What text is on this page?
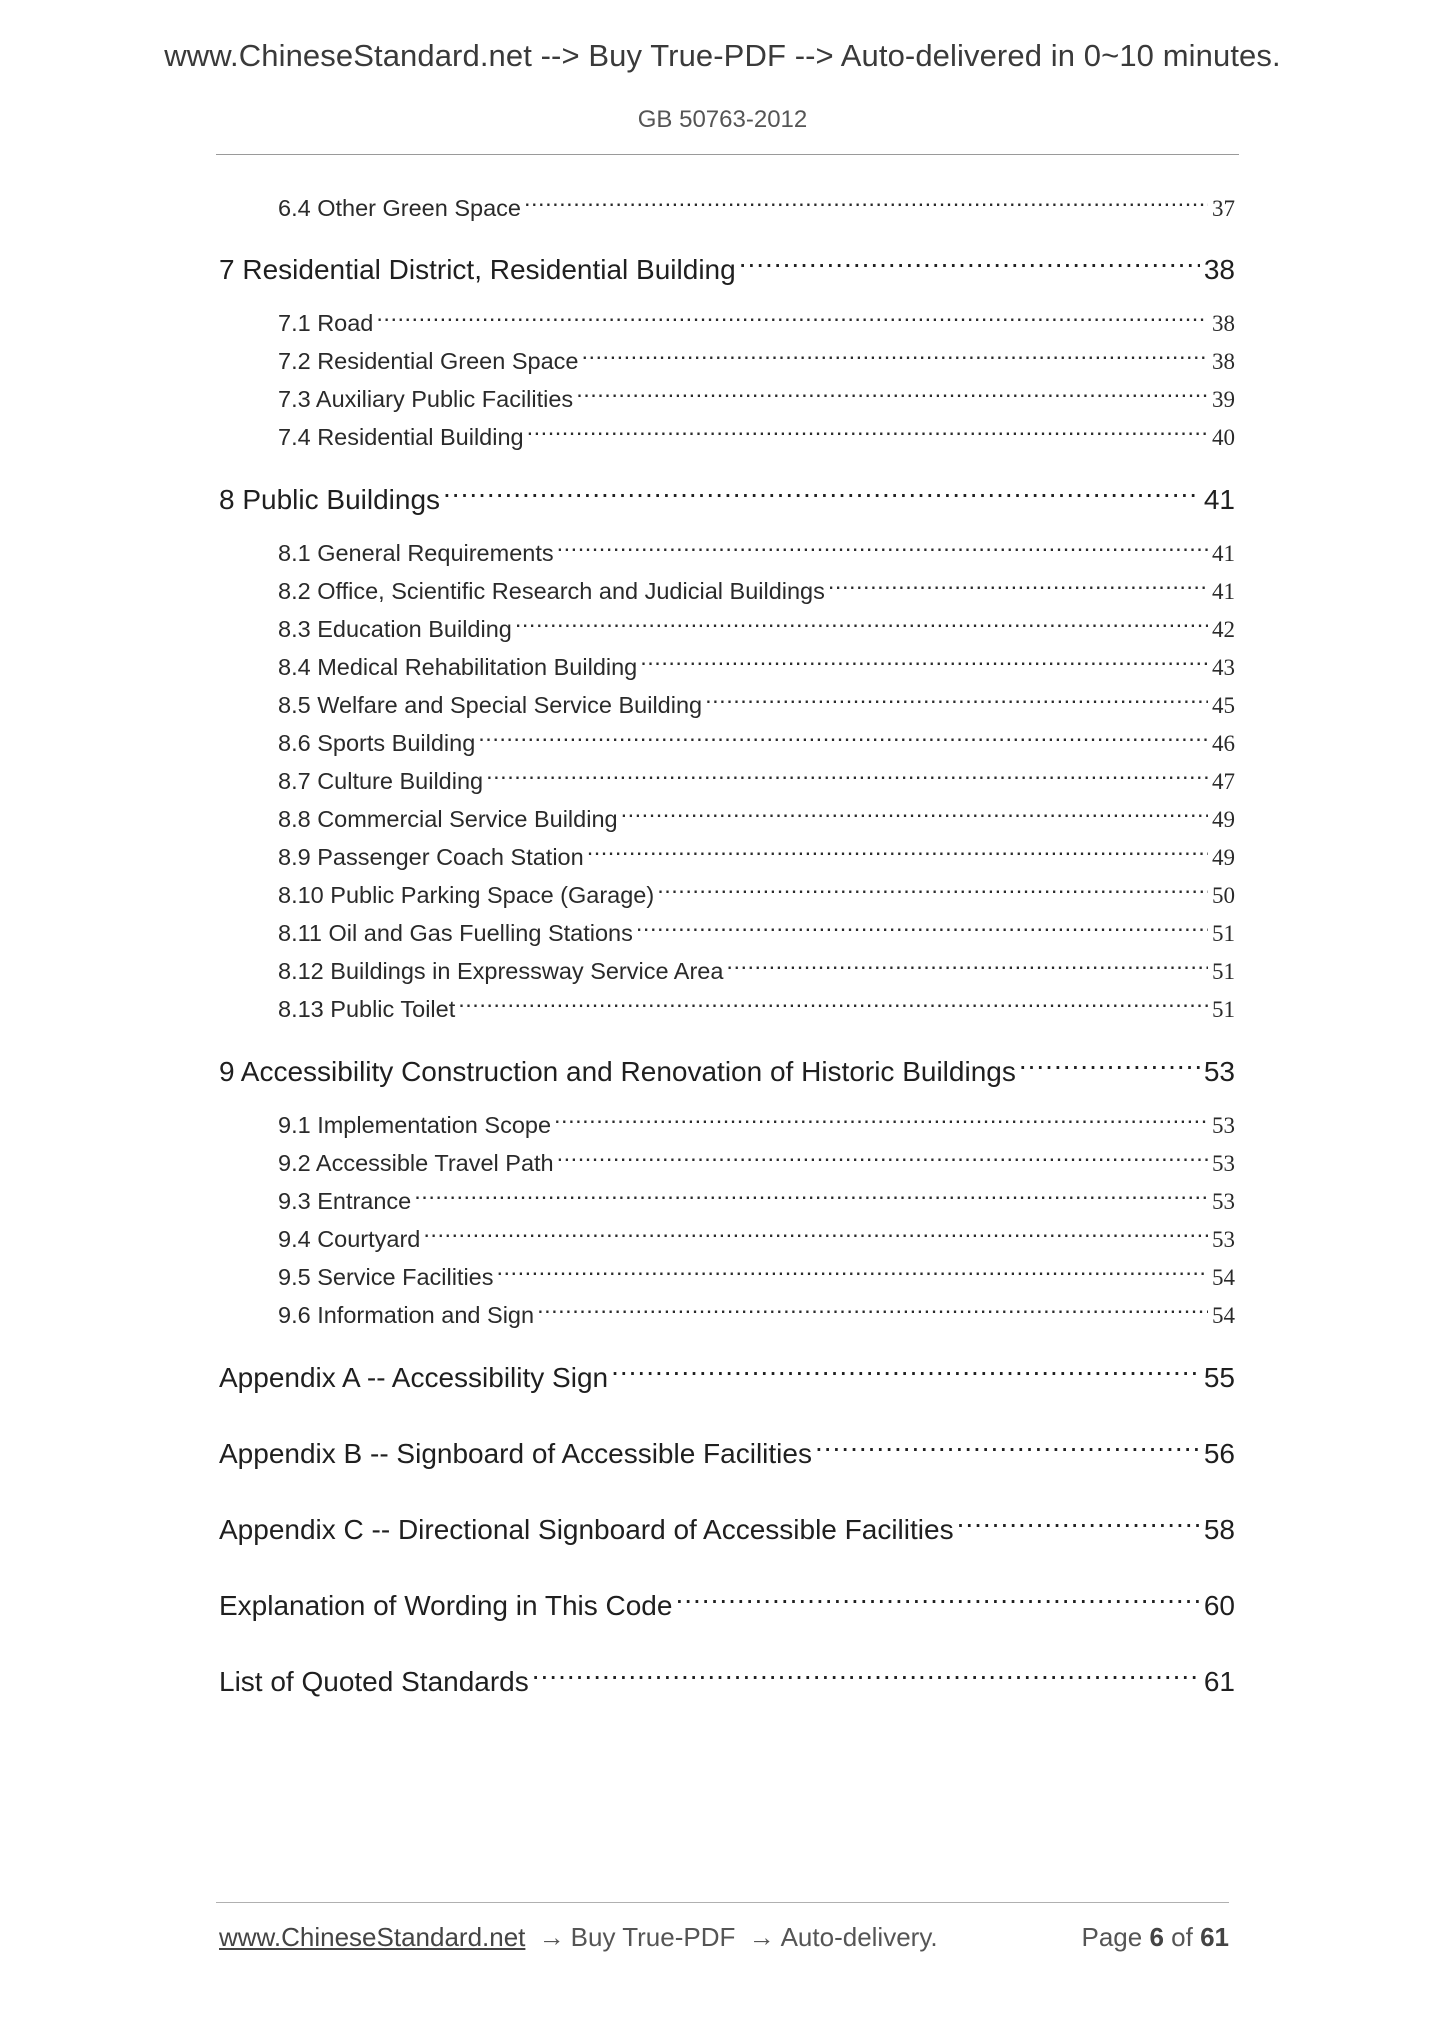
www.ChineseStandard.net --> Buy True-PDF --> Auto-delivered in 0~10 minutes.
GB 50763-2012
6.4 Other Green Space .....	37
7 Residential District, Residential Building .....	38
7.1 Road .....	38
7.2 Residential Green Space .....	38
7.3 Auxiliary Public Facilities .....	39
7.4 Residential Building .....	40
8 Public Buildings .....	41
8.1 General Requirements .....	41
8.2 Office, Scientific Research and Judicial Buildings .....	41
8.3 Education Building .....	42
8.4 Medical Rehabilitation Building .....	43
8.5 Welfare and Special Service Building .....	45
8.6 Sports Building .....	46
8.7 Culture Building .....	47
8.8 Commercial Service Building .....	49
8.9 Passenger Coach Station .....	49
8.10 Public Parking Space (Garage) .....	50
8.11 Oil and Gas Fuelling Stations .....	51
8.12 Buildings in Expressway Service Area .....	51
8.13 Public Toilet .....	51
9 Accessibility Construction and Renovation of Historic Buildings .....	53
9.1 Implementation Scope .....	53
9.2 Accessible Travel Path .....	53
9.3 Entrance .....	53
9.4 Courtyard .....	53
9.5 Service Facilities .....	54
9.6 Information and Sign .....	54
Appendix A -- Accessibility Sign .....	55
Appendix B -- Signboard of Accessible Facilities .....	56
Appendix C -- Directional Signboard of Accessible Facilities .....	58
Explanation of Wording in This Code .....	60
List of Quoted Standards .....	61
www.ChineseStandard.net → Buy True-PDF → Auto-delivery.	Page 6 of 61
